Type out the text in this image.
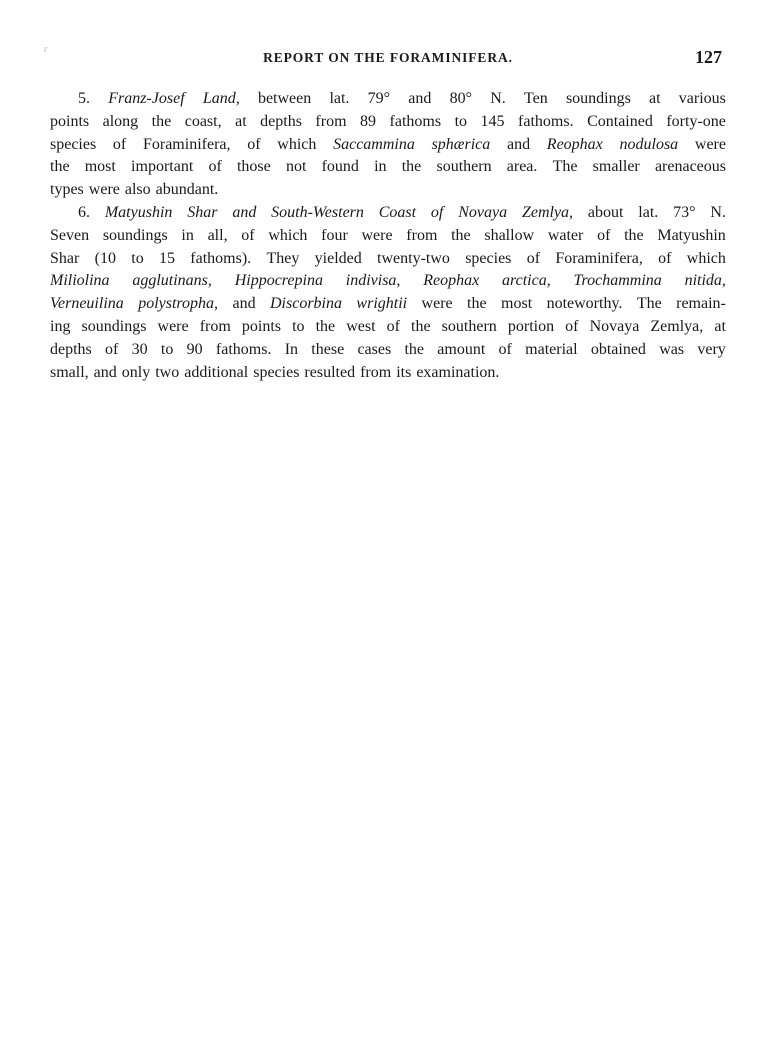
ᴦ
REPORT ON THE FORAMINIFERA.	127
5. Franz-Josef Land, between lat. 79° and 80° N. Ten soundings at various
points along the coast, at depths from 89 fathoms to 145 fathoms. Contained forty-one
species of Foraminifera, of which Saccammina sphærica and Reophax nodulosa were
the most important of those not found in the southern area. The smaller arenaceous
types were also abundant.
6. Matyushin Shar and South-Western Coast of Novaya Zemlya, about lat. 73° N.
Seven soundings in all, of which four were from the shallow water of the Matyushin
Shar (10 to 15 fathoms). They yielded twenty-two species of Foraminifera, of which
Miliolina agglutinans, Hippocrepina indivisa, Reophax arctica, Trochammina nitida,
Verneuilina polystropha, and Discorbina wrightii were the most noteworthy. The remain-
ing soundings were from points to the west of the southern portion of Novaya Zemlya, at
depths of 30 to 90 fathoms. In these cases the amount of material obtained was very
small, and only two additional species resulted from its examination.
